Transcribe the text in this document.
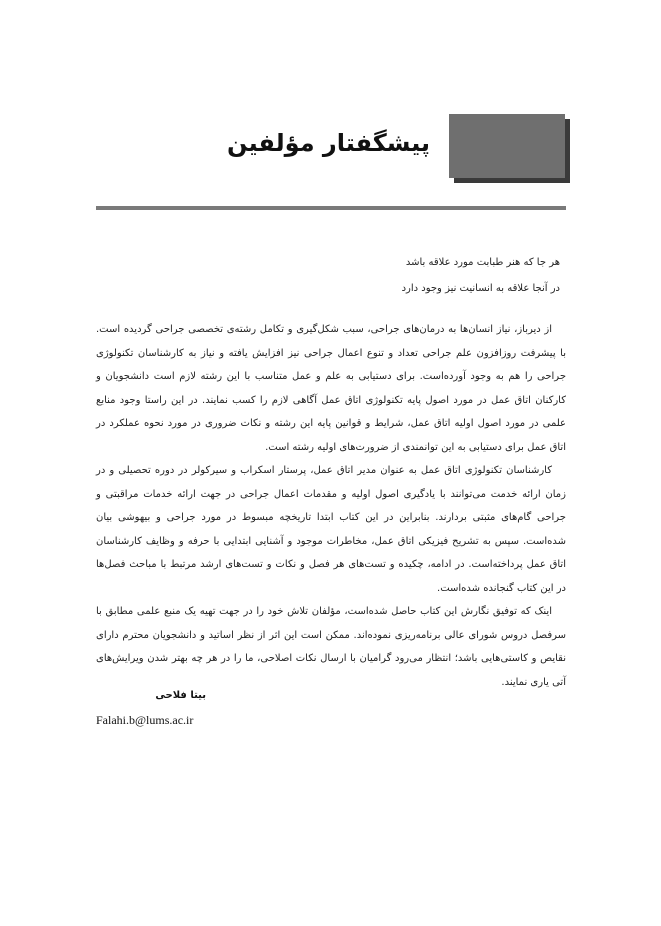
پیشگفتار مؤلفین
هر جا که هنر طبابت مورد علاقه باشد
در آنجا علاقه به انسانیت نیز وجود دارد

از دیرباز، نیاز انسان‌ها به درمان‌های جراحی، سبب شکل‌گیری و تکامل رشته‌ی تخصصی جراحی گردیده است. با پیشرفت روزافزون علم جراحی تعداد و تنوع اعمال جراحی نیز افزایش یافته و نیاز به کارشناسان تکنولوژی جراحی را هم به وجود آورده‌است. برای دستیابی به علم و عمل متناسب با این رشته لازم است دانشجویان و کارکنان اتاق عمل در مورد اصول پایه تکنولوژی اتاق عمل آگاهی لازم را کسب نمایند. در این راستا وجود منابع علمی در مورد اصول اولیه اتاق عمل، شرایط و قوانین پایه این رشته و نکات ضروری در مورد نحوه عملکرد در اتاق عمل برای دستیابی به این توانمندی از ضرورت‌های اولیه رشته است.

کارشناسان تکنولوژی اتاق عمل به عنوان مدیر اتاق عمل، پرستار اسکراب و سیرکولر در دوره تحصیلی و در زمان ارائه خدمت می‌توانند با یادگیری اصول اولیه و مقدمات اعمال جراحی در جهت ارائه خدمات مراقبتی و جراحی گام‌های مثبتی بردارند. بنابراین در این کتاب ابتدا تاریخچه مبسوط در مورد جراحی و بیهوشی بیان شده‌است. سپس به تشریح فیزیکی اتاق عمل، مخاطرات موجود و آشنایی ابتدایی با حرفه و وظایف کارشناسان اتاق عمل پرداخته‌است. در ادامه، چکیده و تست‌های هر فصل و نکات و تست‌های ارشد مرتبط با مباحث فصل‌ها در این کتاب گنجانده شده‌است.

اینک که توفیق نگارش این کتاب حاصل شده‌است، مؤلفان تلاش خود را در جهت تهیه یک منبع علمی مطابق با سرفصل دروس شورای عالی برنامه‌ریزی نموده‌اند. ممکن است این اثر از نظر اساتید و دانشجویان محترم دارای نقایص و کاستی‌هایی باشد؛ انتظار می‌رود گرامیان با ارسال نکات اصلاحی، ما را در هر چه بهتر شدن ویرایش‌های آتی یاری نمایند.

بیتا فلاحی
Falahi.b@lums.ac.ir
